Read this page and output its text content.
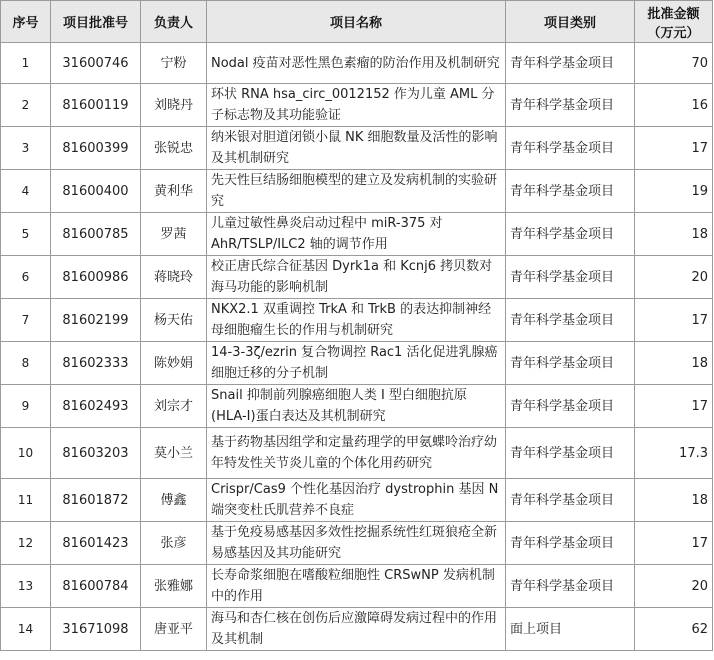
序号	项目批准号	负责人	项目名称	项目类别	批准金额
（万元）

1	31600746	宁粉	Nodal 疫苗对恶性黑色素瘤的防治作用及机制研究	青年科学基金项目	70
2	81600119	刘晓丹	环状 RNA hsa_circ_0012152 作为儿童 AML 分子标志物及其功能验证	青年科学基金项目	16
3	81600399	张锐忠	纳米银对胆道闭锁小鼠 NK 细胞数量及活性的影响及其机制研究	青年科学基金项目	17
4	81600400	黄利华	先天性巨结肠细胞模型的建立及发病机制的实验研究	青年科学基金项目	19
5	81600785	罗茜	儿童过敏性鼻炎启动过程中 miR-375 对 AhR/TSLP/ILC2 轴的调节作用	青年科学基金项目	18
6	81600986	蒋晓玲	校正唐氏综合征基因 Dyrk1a 和 Kcnj6 拷贝数对海马功能的影响机制	青年科学基金项目	20
7	81602199	杨天佑	NKX2.1 双重调控 TrkA 和 TrkB 的表达抑制神经母细胞瘤生长的作用与机制研究	青年科学基金项目	17
8	81602333	陈妙娟	14-3-3ζ/ezrin 复合物调控 Rac1 活化促进乳腺癌细胞迁移的分子机制	青年科学基金项目	18
9	81602493	刘宗才	Snail 抑制前列腺癌细胞人类 I 型白细胞抗原(HLA-I)蛋白表达及其机制研究	青年科学基金项目	17
10	81603203	莫小兰	基于药物基因组学和定量药理学的甲氨蝶呤治疗幼年特发性关节炎儿童的个体化用药研究	青年科学基金项目	17.3
11	81601872	傅鑫	Crispr/Cas9 个性化基因治疗 dystrophin 基因 N 端突变杜氏肌营养不良症	青年科学基金项目	18
12	81601423	张彦	基于免疫易感基因多效性挖掘系统性红斑狼疮全新易感基因及其功能研究	青年科学基金项目	17
13	81600784	张雅娜	长寿命浆细胞在嗜酸粒细胞性 CRSwNP 发病机制中的作用	青年科学基金项目	20
14	31671098	唐亚平	海马和杏仁核在创伤后应激障碍发病过程中的作用及其机制	面上项目	62
